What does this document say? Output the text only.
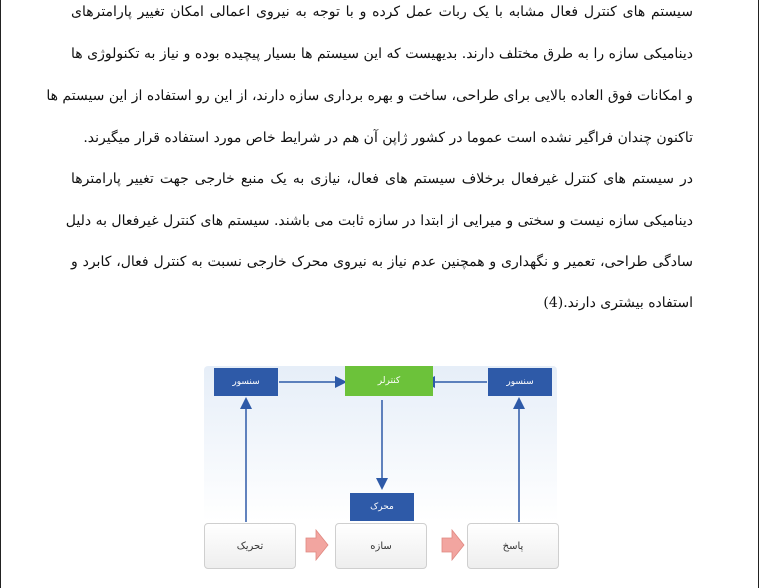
سیستم های کنترل فعال مشابه با یک ربات عمل کرده و با توجه به نیروی اعمالی امکان تغییر پارامترهای
دینامیکی سازه را به طرق مختلف دارند. بدیهیست که این سیستم ها بسیار پیچیده بوده و نیاز به تکنولوژی ها
و امکانات فوق العاده بالایی برای طراحی، ساخت و بهره برداری سازه دارند، از این رو استفاده از این سیستم ها
تاکنون چندان فراگیر نشده است عموما در کشور ژاپن آن هم در شرایط خاص مورد استفاده قرار میگیرند.
در سیستم های کنترل غیرفعال برخلاف سیستم های فعال، نیازی به یک منبع خارجی جهت تغییر پارامترها
دینامیکی سازه نیست و سختی و میرایی از ابتدا در سازه ثابت می باشند. سیستم های کنترل غیرفعال به دلیل
سادگی طراحی، تعمیر و نگهداری و همچنین عدم نیاز به نیروی محرک خارجی نسبت به کنترل فعال، کابرد و
استفاده بیشتری دارند.(4)
سنسور	کنترلر	سنسور
محرک
تحریک	سازه	پاسخ
